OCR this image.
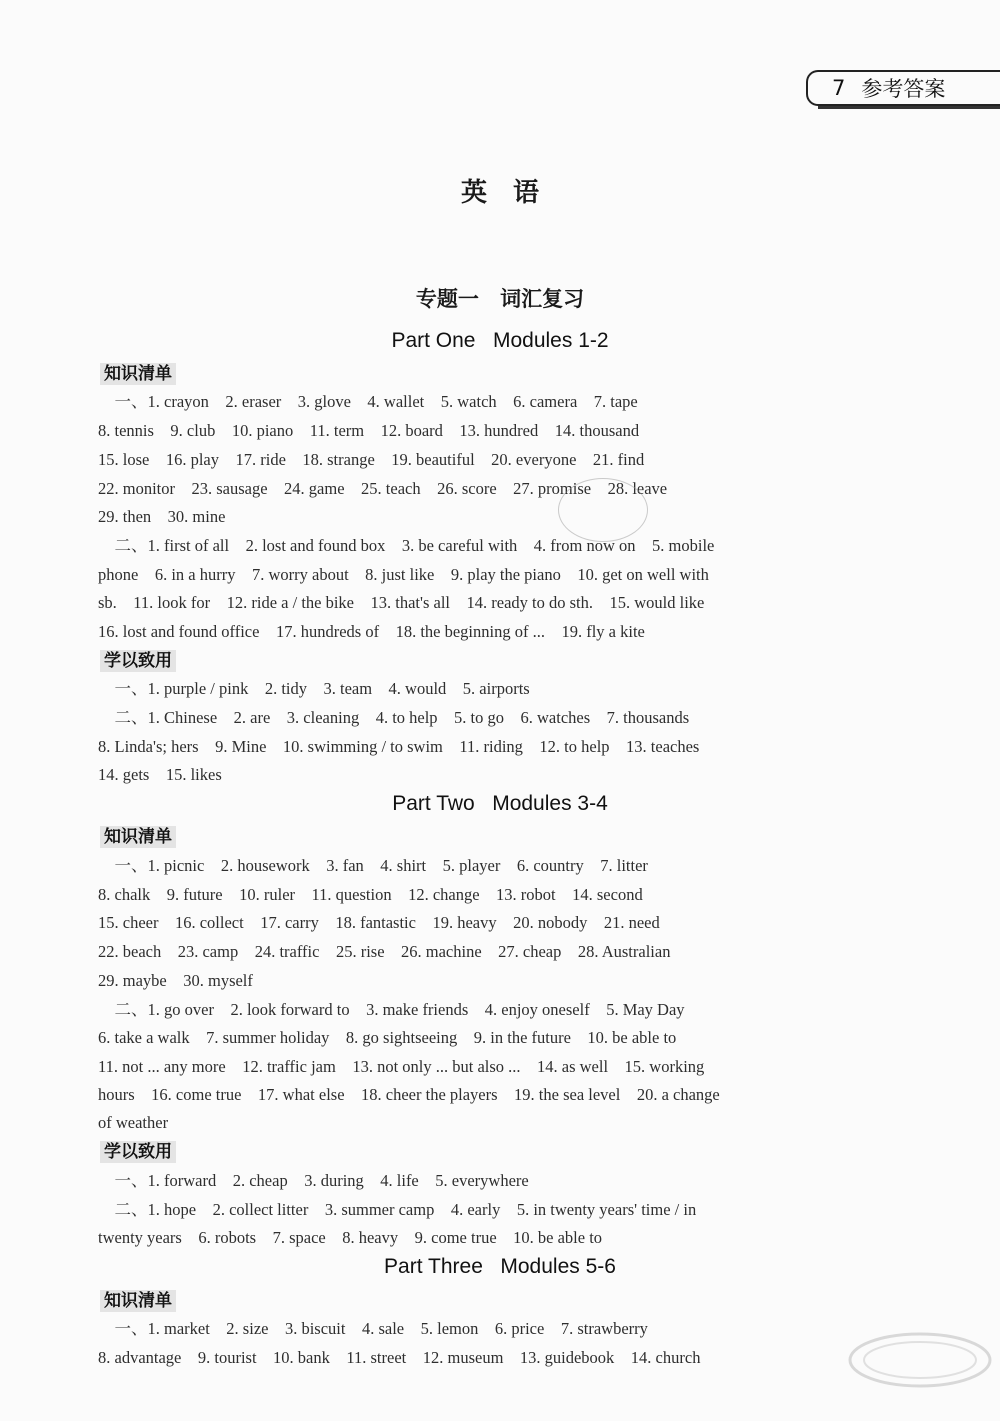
7 参考答案
英语
专题一 词汇复习
Part One   Modules 1-2
知识清单
一、1. crayon    2. eraser    3. glove    4. wallet    5. watch    6. camera    7. tape
8. tennis    9. club    10. piano    11. term    12. board    13. hundred    14. thousand
15. lose    16. play    17. ride    18. strange    19. beautiful    20. everyone    21. find
22. monitor    23. sausage    24. game    25. teach    26. score    27. promise    28. leave
29. then    30. mine
二、1. first of all    2. lost and found box    3. be careful with    4. from now on    5. mobile
phone    6. in a hurry    7. worry about    8. just like    9. play the piano    10. get on well with
sb.    11. look for    12. ride a / the bike    13. that's all    14. ready to do sth.    15. would like
16. lost and found office    17. hundreds of    18. the beginning of ...    19. fly a kite
学以致用
一、1. purple / pink    2. tidy    3. team    4. would    5. airports
二、1. Chinese    2. are    3. cleaning    4. to help    5. to go    6. watches    7. thousands
8. Linda's; hers    9. Mine    10. swimming / to swim    11. riding    12. to help    13. teaches
14. gets    15. likes
Part Two   Modules 3-4
知识清单
一、1. picnic    2. housework    3. fan    4. shirt    5. player    6. country    7. litter
8. chalk    9. future    10. ruler    11. question    12. change    13. robot    14. second
15. cheer    16. collect    17. carry    18. fantastic    19. heavy    20. nobody    21. need
22. beach    23. camp    24. traffic    25. rise    26. machine    27. cheap    28. Australian
29. maybe    30. myself
二、1. go over    2. look forward to    3. make friends    4. enjoy oneself    5. May Day
6. take a walk    7. summer holiday    8. go sightseeing    9. in the future    10. be able to
11. not ... any more    12. traffic jam    13. not only ... but also ...    14. as well    15. working
hours    16. come true    17. what else    18. cheer the players    19. the sea level    20. a change
of weather
学以致用
一、1. forward    2. cheap    3. during    4. life    5. everywhere
二、1. hope    2. collect litter    3. summer camp    4. early    5. in twenty years' time / in
twenty years    6. robots    7. space    8. heavy    9. come true    10. be able to
Part Three   Modules 5-6
知识清单
一、1. market    2. size    3. biscuit    4. sale    5. lemon    6. price    7. strawberry
8. advantage    9. tourist    10. bank    11. street    12. museum    13. guidebook    14. church
